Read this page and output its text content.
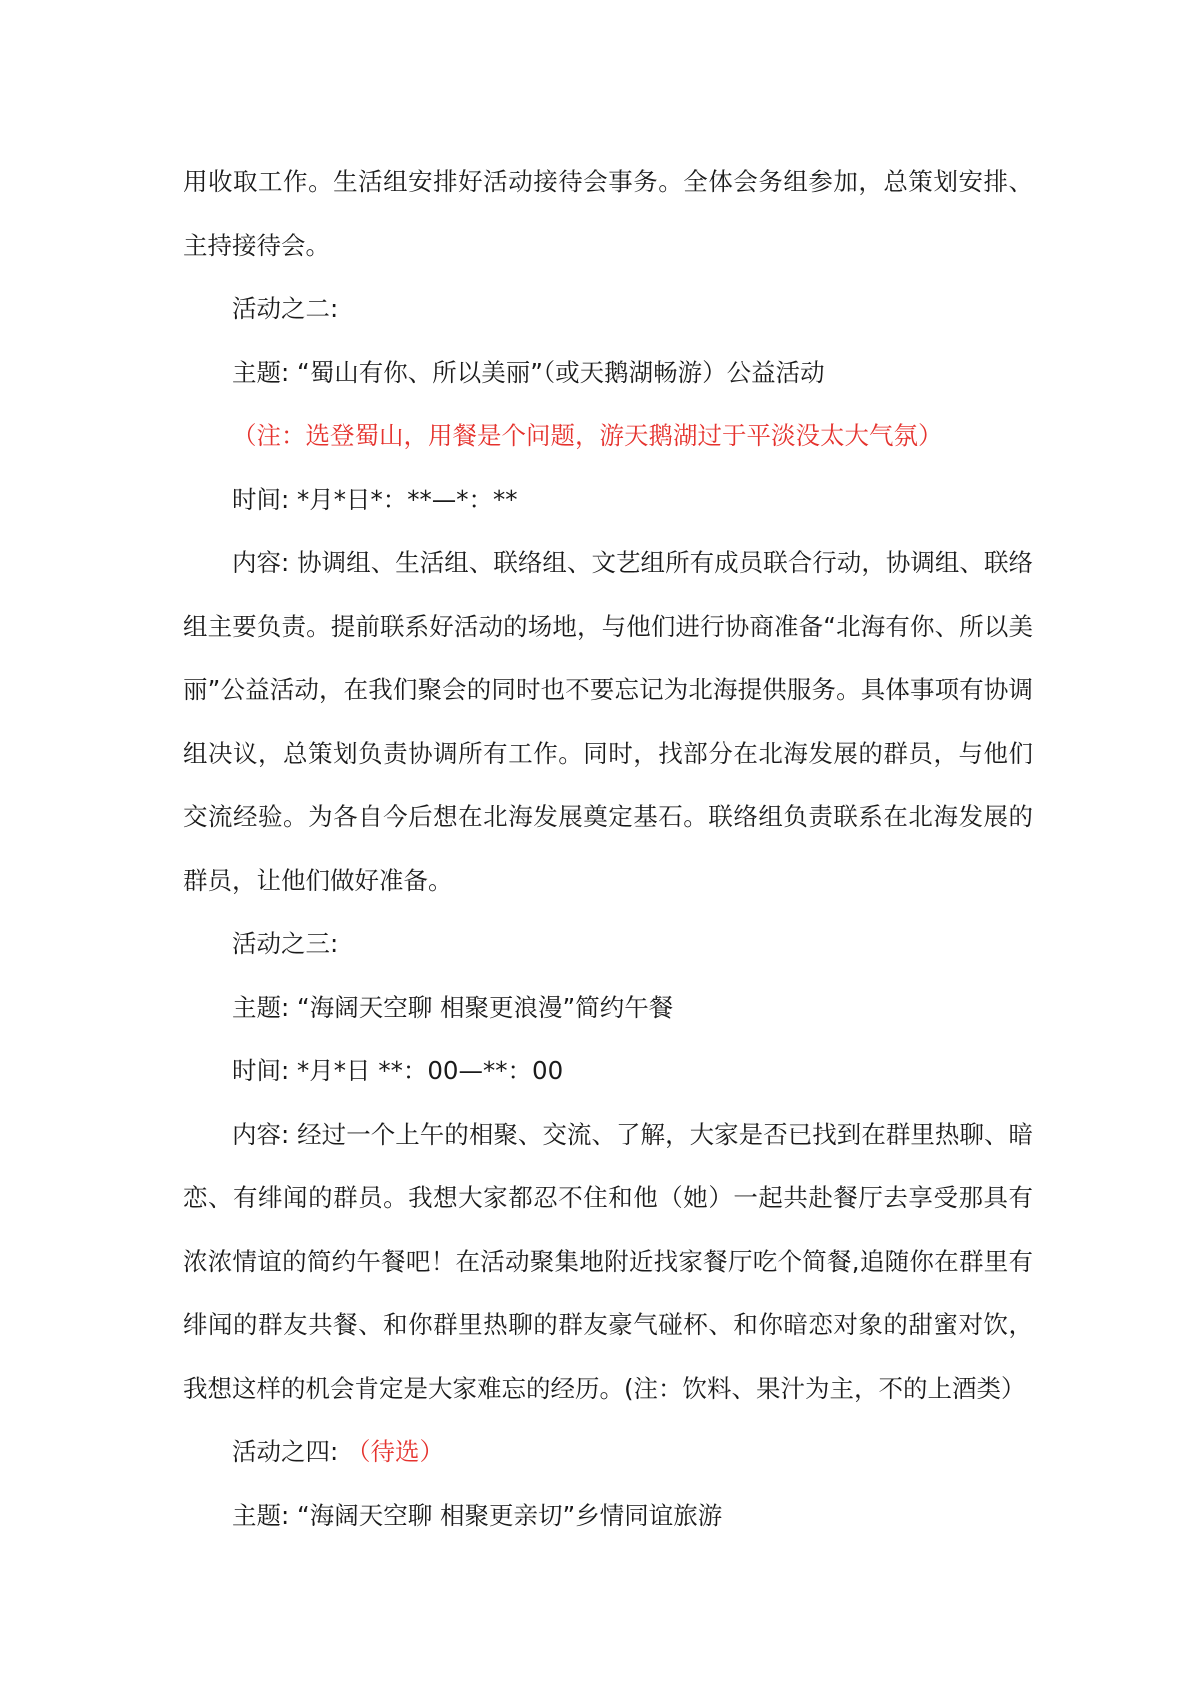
用收取工作。生活组安排好活动接待会事务。全体会务组参加，总策划安排、主持接待会。

活动之二:

主题: “蜀山有你、所以美丽”（或天鹅湖畅游）公益活动

（注：选登蜀山，用餐是个问题，游天鹅湖过于平淡没太大气氛）

时间: *月*日*：**—*：**

内容: 协调组、生活组、联络组、文艺组所有成员联合行动，协调组、联络组主要负责。提前联系好活动的场地，与他们进行协商准备“北海有你、所以美丽”公益活动，在我们聚会的同时也不要忘记为北海提供服务。具体事项有协调组决议，总策划负责协调所有工作。同时，找部分在北海发展的群员，与他们交流经验。为各自今后想在北海发展奠定基石。联络组负责联系在北海发展的群员，让他们做好准备。

活动之三:

主题: “海阔天空聊 相聚更浪漫”简约午餐

时间: *月*日 **：00—**：00

内容: 经过一个上午的相聚、交流、了解，大家是否已找到在群里热聊、暗恋、有绯闻的群员。我想大家都忍不住和他（她）一起共赴餐厅去享受那具有浓浓情谊的简约午餐吧！在活动聚集地附近找家餐厅吃个简餐,追随你在群里有绯闻的群友共餐、和你群里热聊的群友豪气碰杯、和你暗恋对象的甜蜜对饮，我想这样的机会肯定是大家难忘的经历。(注：饮料、果汁为主，不的上酒类）

活动之四: （待选）

主题: “海阔天空聊 相聚更亲切”乡情同谊旅游
